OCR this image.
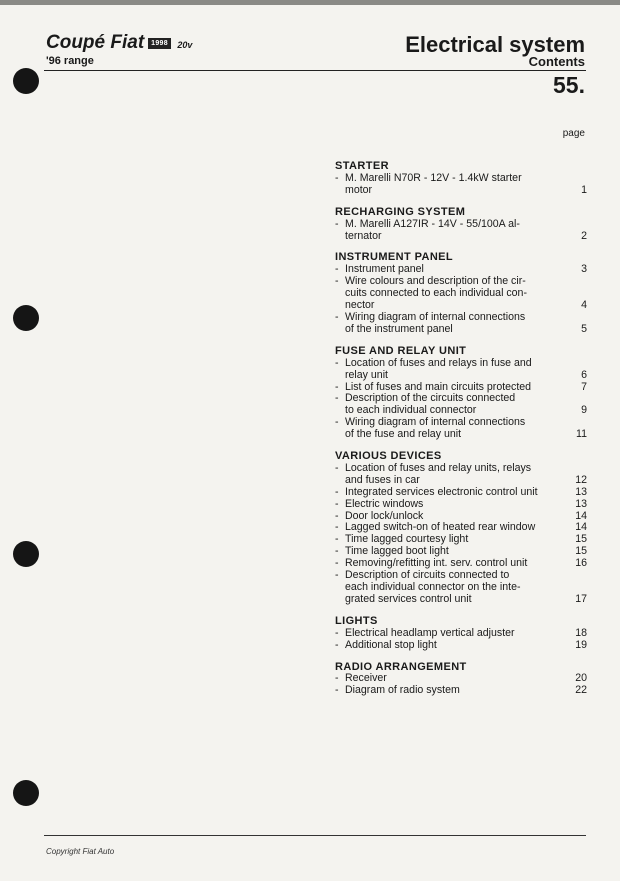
Coupé Fiat 1998 20v
'96 range
Electrical system
Contents
55.
page
STARTER
- M. Marelli N70R - 12V - 1.4kW starter
motor	1
RECHARGING SYSTEM
- M. Marelli A127IR - 14V - 55/100A al-
ternator	2
INSTRUMENT PANEL
- Instrument panel	3
- Wire colours and description of the cir-
cuits connected to each individual con-
nector	4
- Wiring diagram of internal connections
of the instrument panel	5
FUSE AND RELAY UNIT
- Location of fuses and relays in fuse and
relay unit	6
- List of fuses and main circuits protected	7
- Description of the circuits connected
to each individual connector	9
- Wiring diagram of internal connections
of the fuse and relay unit	11
VARIOUS DEVICES
- Location of fuses and relay units, relays
and fuses in car	12
- Integrated services electronic control unit	13
- Electric windows	13
- Door lock/unlock	14
- Lagged switch-on of heated rear window	14
- Time lagged courtesy light	15
- Time lagged boot light	15
- Removing/refitting int. serv. control unit	16
- Description of circuits connected to
each individual connector on the inte-
grated services control unit	17
LIGHTS
- Electrical headlamp vertical adjuster	18
- Additional stop light	19
RADIO ARRANGEMENT
- Receiver	20
- Diagram of radio system	22
Copyright Fiat Auto
